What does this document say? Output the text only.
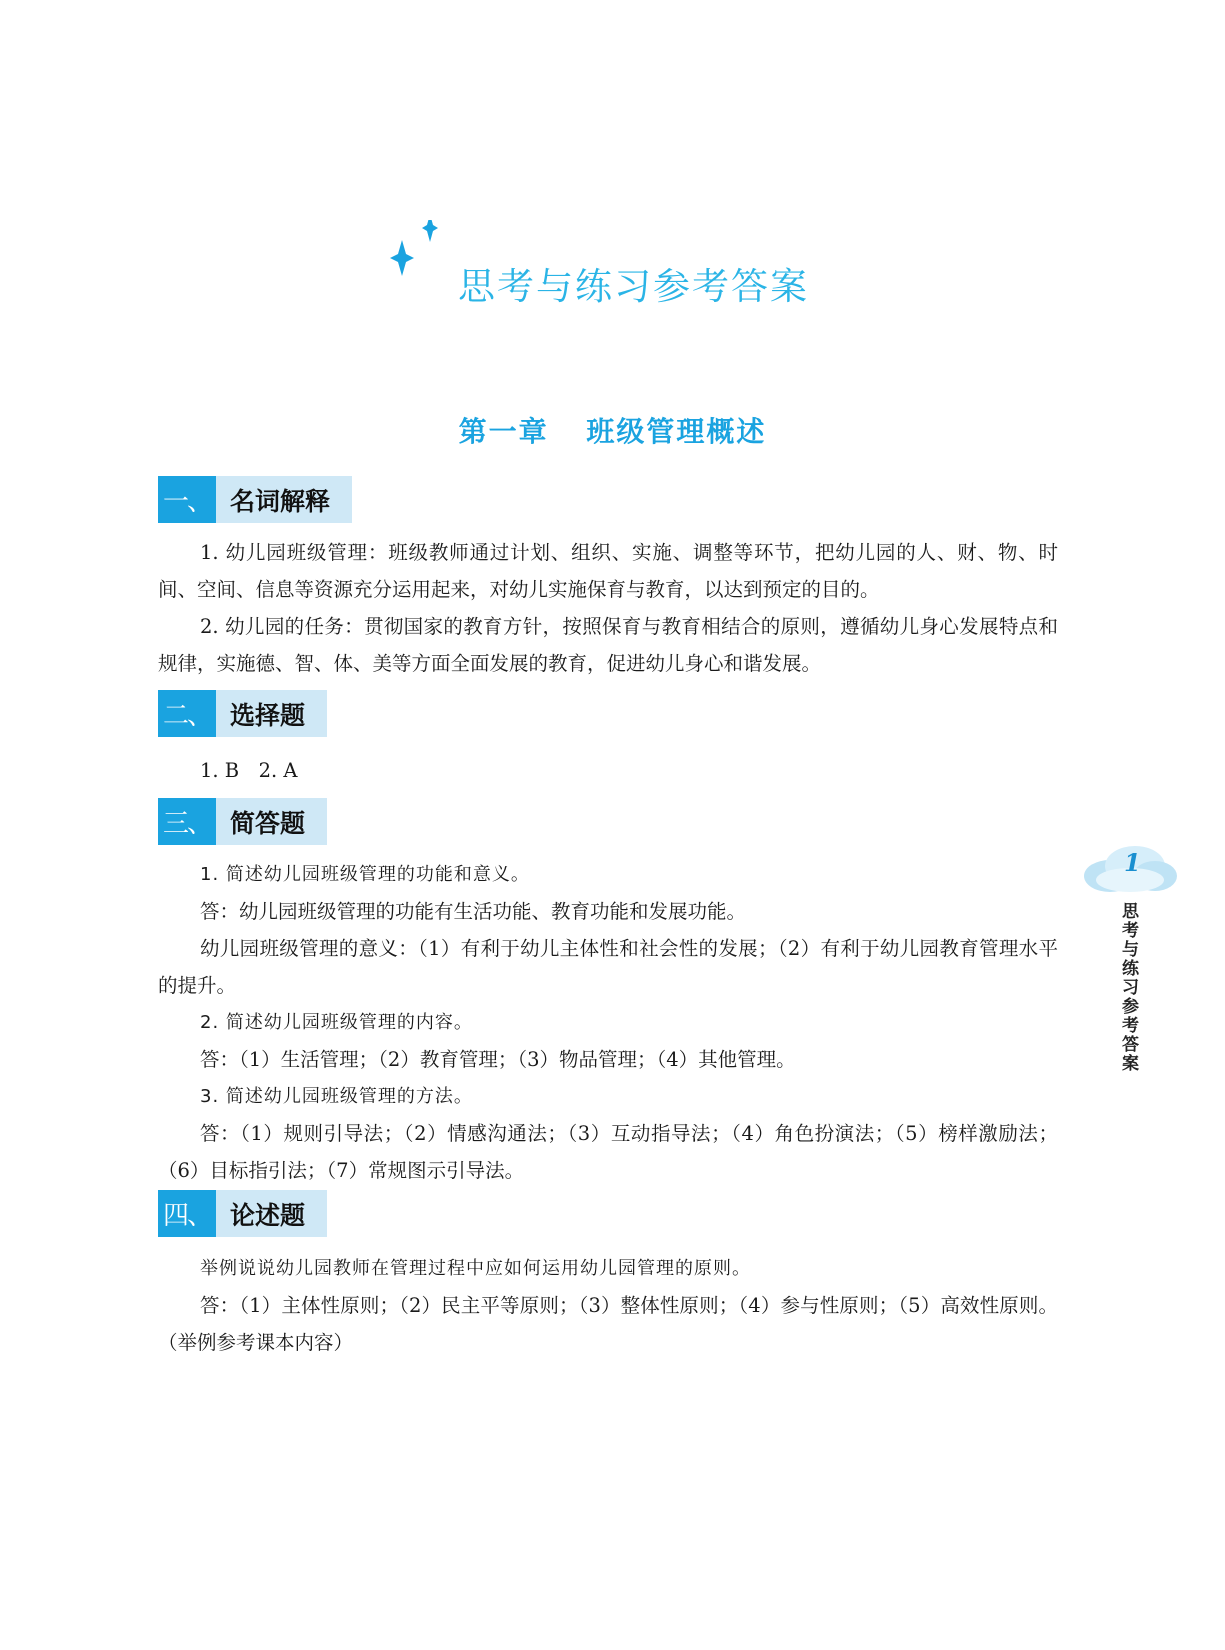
思考与练习参考答案
第一章 班级管理概述
一、 名词解释

1. 幼儿园班级管理：班级教师通过计划、组织、实施、调整等环节，把幼儿园的人、财、物、时间、空间、信息等资源充分运用起来，对幼儿实施保育与教育，以达到预定的目的。

2. 幼儿园的任务：贯彻国家的教育方针，按照保育与教育相结合的原则，遵循幼儿身心发展特点和规律，实施德、智、体、美等方面全面发展的教育，促进幼儿身心和谐发展。

二、 选择题

1. B　2. A

三、 简答题

1. 简述幼儿园班级管理的功能和意义。

答：幼儿园班级管理的功能有生活功能、教育功能和发展功能。

幼儿园班级管理的意义：（1）有利于幼儿主体性和社会性的发展；（2）有利于幼儿园教育管理水平的提升。

2. 简述幼儿园班级管理的内容。

答：（1）生活管理；（2）教育管理；（3）物品管理；（4）其他管理。

3. 简述幼儿园班级管理的方法。

答：（1）规则引导法；（2）情感沟通法；（3）互动指导法；（4）角色扮演法；（5）榜样激励法；（6）目标指引法；（7）常规图示引导法。

四、 论述题

举例说说幼儿园教师在管理过程中应如何运用幼儿园管理的原则。

答：（1）主体性原则；（2）民主平等原则；（3）整体性原则；（4）参与性原则；（5）高效性原则。（举例参考课本内容）

1
思考与练习参考答案
